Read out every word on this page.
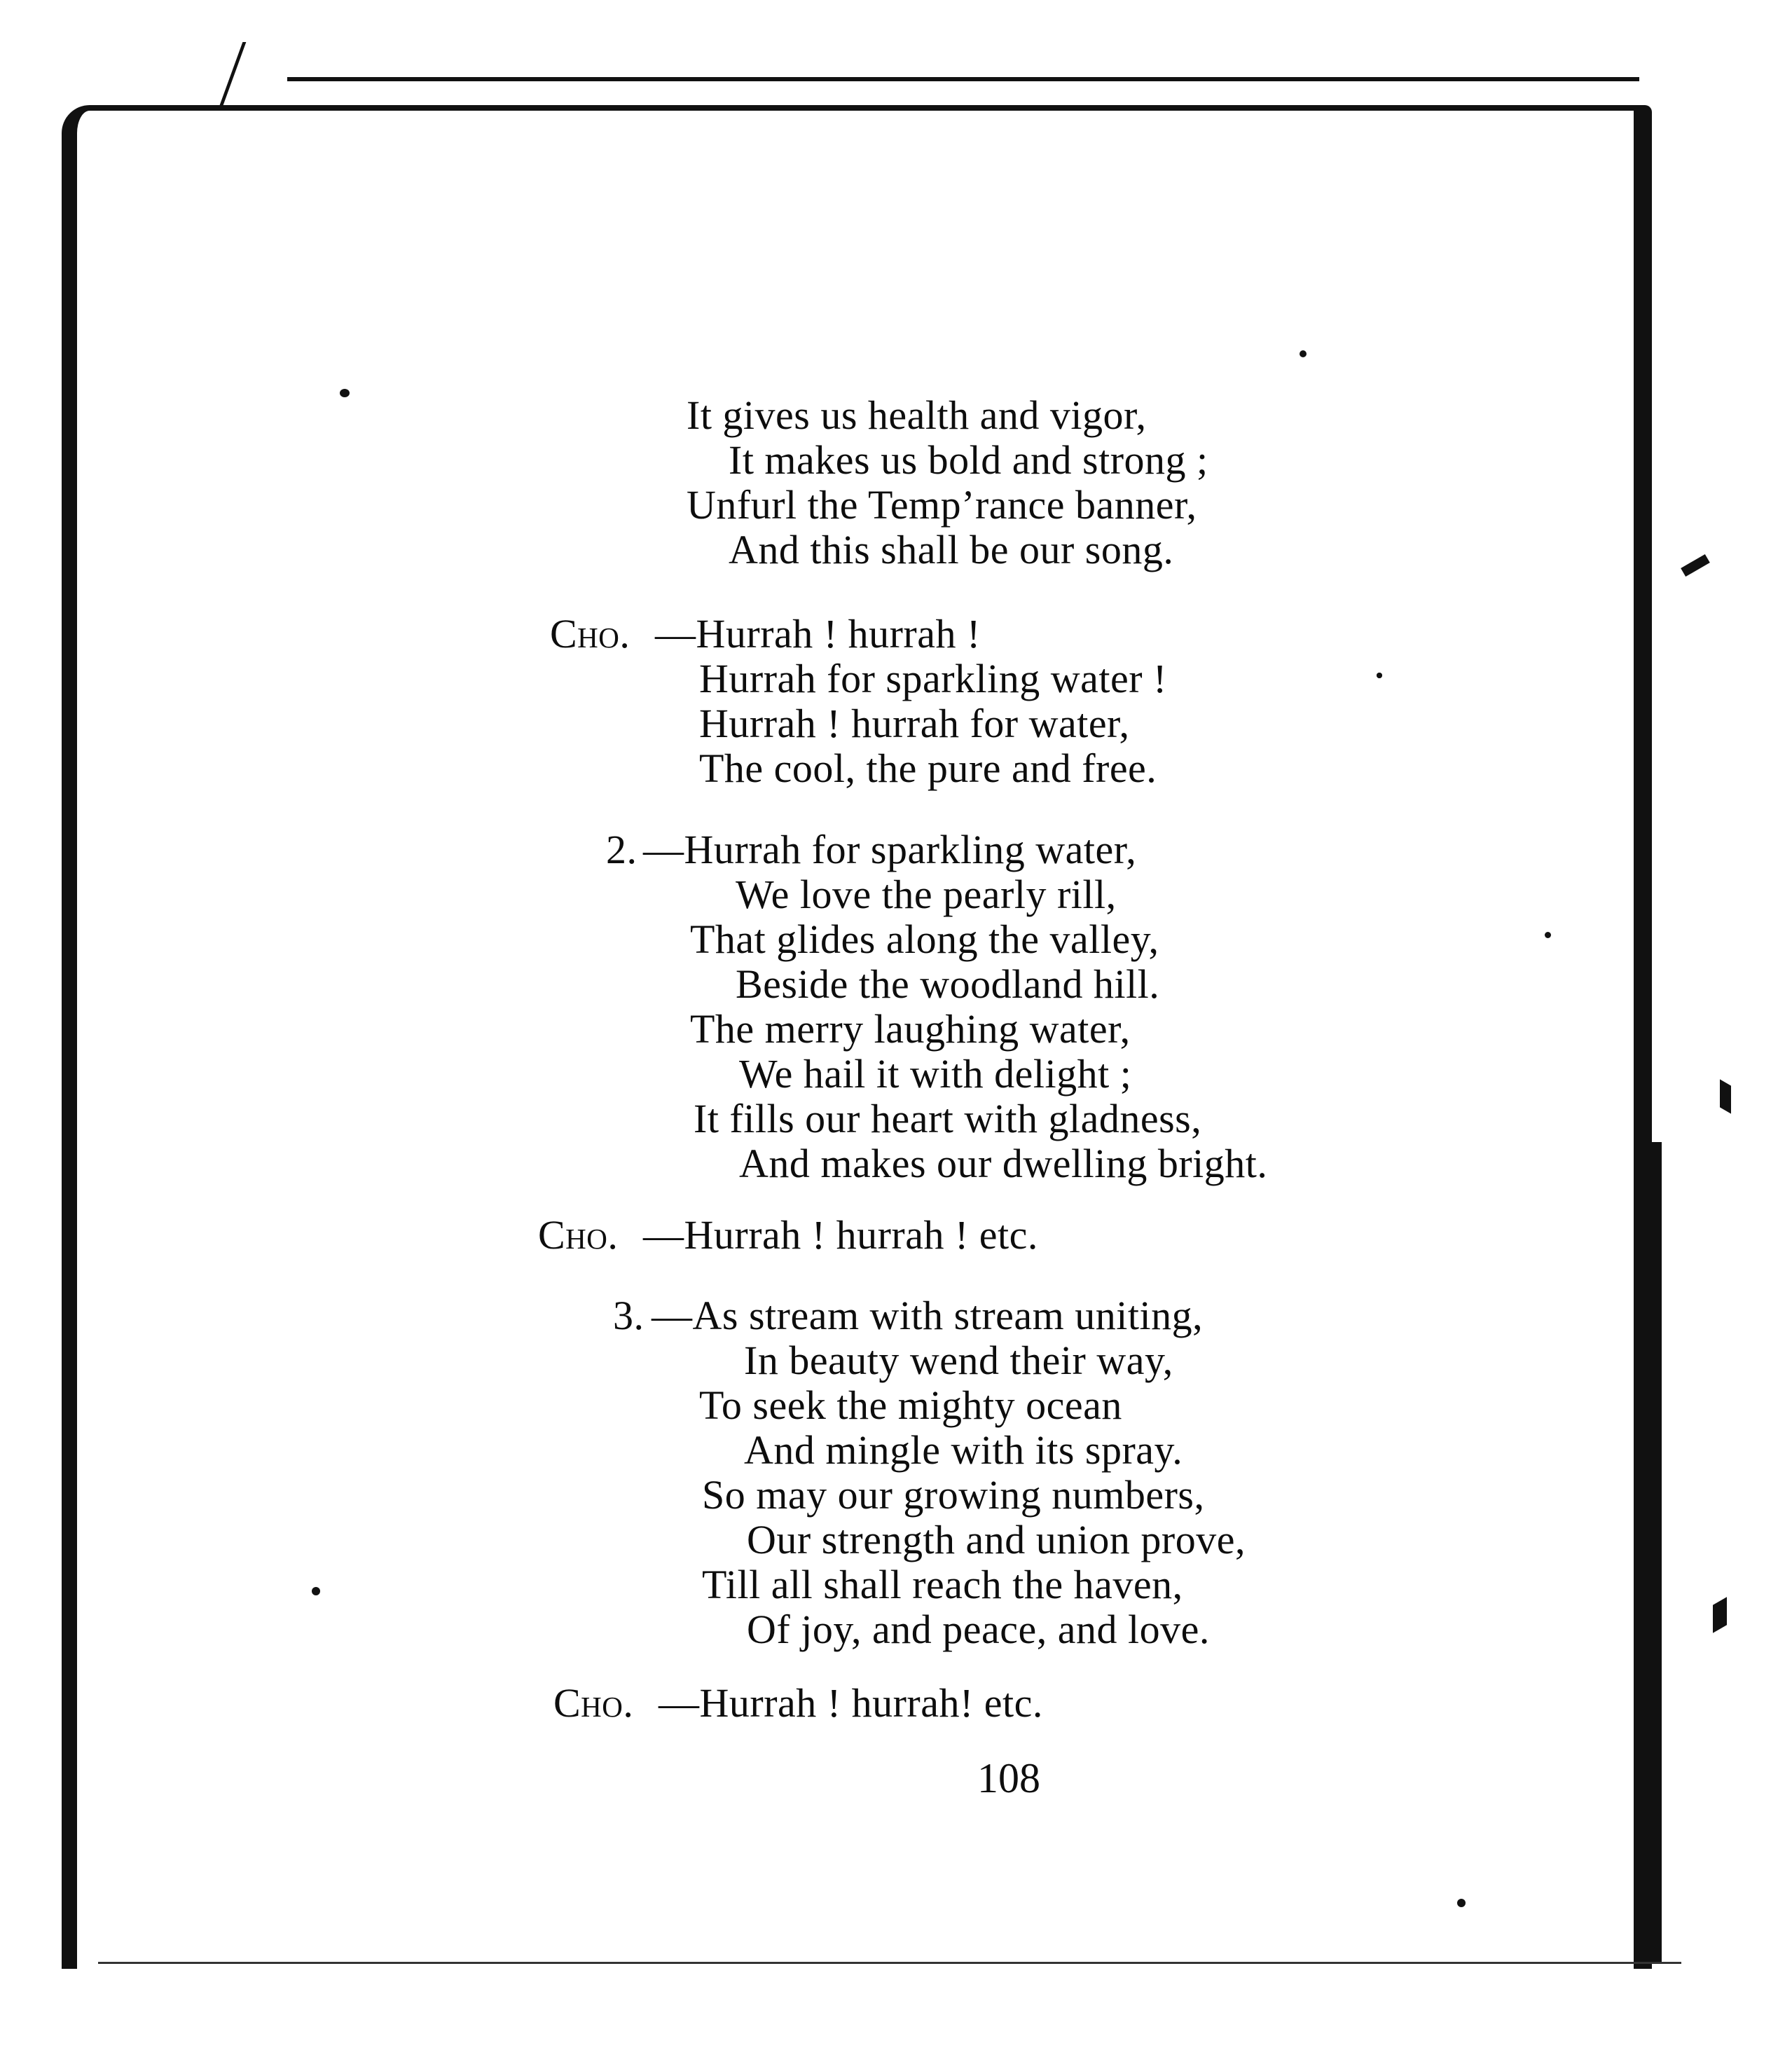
It gives us health and vigor,
It makes us bold and strong ;
Unfurl the Temp’rance banner,
And this shall be our song.
Cho. —Hurrah ! hurrah !
Hurrah for sparkling water !
Hurrah ! hurrah for water,
The cool, the pure and free.
2. —Hurrah for sparkling water,
We love the pearly rill,
That glides along the valley,
Beside the woodland hill.
The merry laughing water,
We hail it with delight ;
It fills our heart with gladness,
And makes our dwelling bright.
Cho. —Hurrah ! hurrah ! etc.
3. —As stream with stream uniting,
In beauty wend their way,
To seek the mighty ocean
And mingle with its spray.
So may our growing numbers,
Our strength and union prove,
Till all shall reach the haven,
Of joy, and peace, and love.
Cho. —Hurrah ! hurrah! etc.
108
